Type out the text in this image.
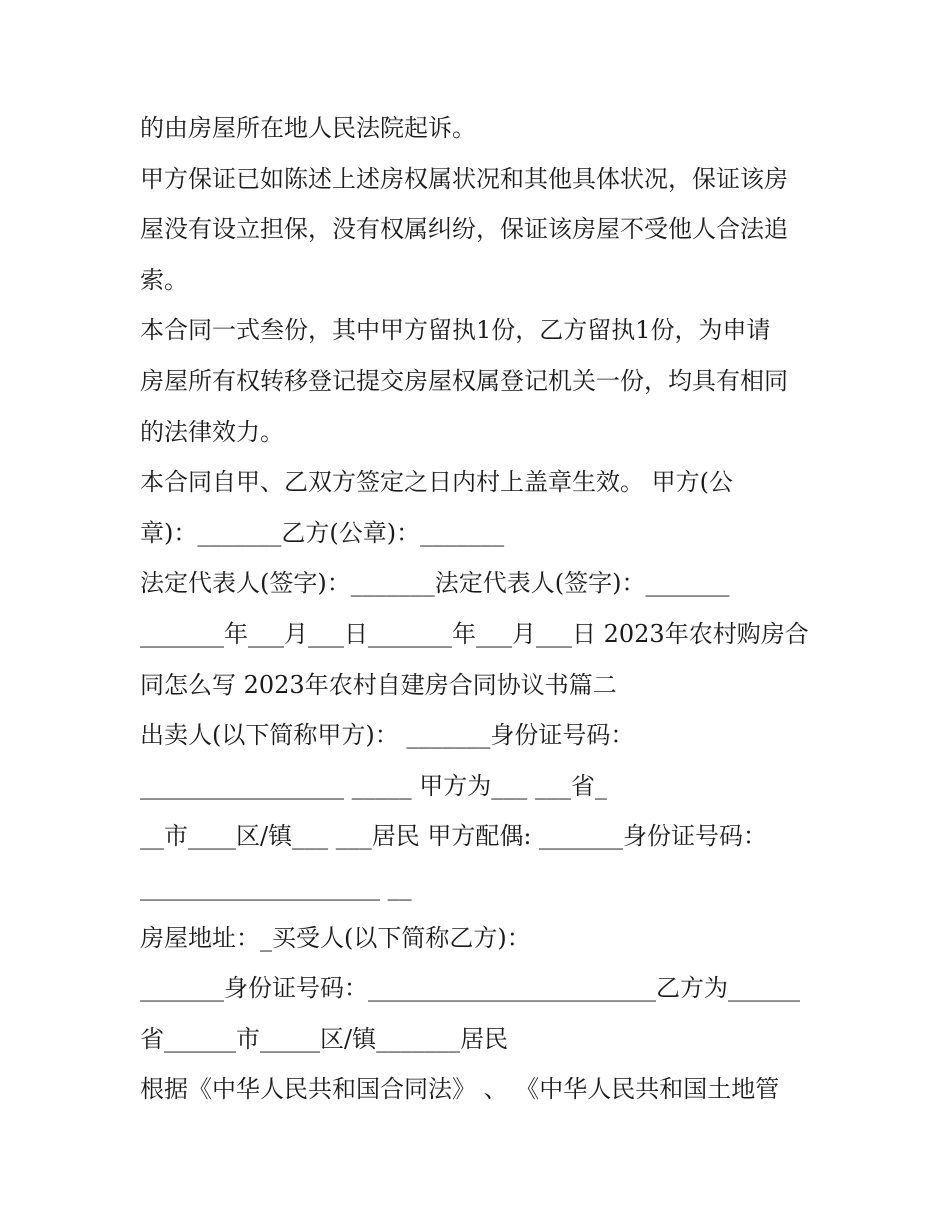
的由房屋所在地人民法院起诉。
甲方保证已如陈述上述房权属状况和其他具体状况，保证该房
屋没有设立担保，没有权属纠纷，保证该房屋不受他人合法追
索。
本合同一式叁份，其中甲方留执1份，乙方留执1份，为申请
房屋所有权转移登记提交房屋权属登记机关一份，均具有相同
的法律效力。
本合同自甲、乙双方签定之日内村上盖章生效。 甲方(公
章)：_______乙方(公章)：_______
法定代表人(签字)：_______法定代表人(签字)：_______
_______年___月___日_______年___月___日 2023年农村购房合
同怎么写 2023年农村自建房合同协议书篇二
出卖人(以下简称甲方)： _______身份证号码：
_________________ _____ 甲方为___ ___省_
__市____区/镇___ ___居民 甲方配偶: _______身份证号码：
____________________ __
房屋地址：_买受人(以下简称乙方)：
_______身份证号码：________________________乙方为______
省______市_____区/镇_______居民
根据《中华人民共和国合同法》 、 《中华人民共和国土地管
